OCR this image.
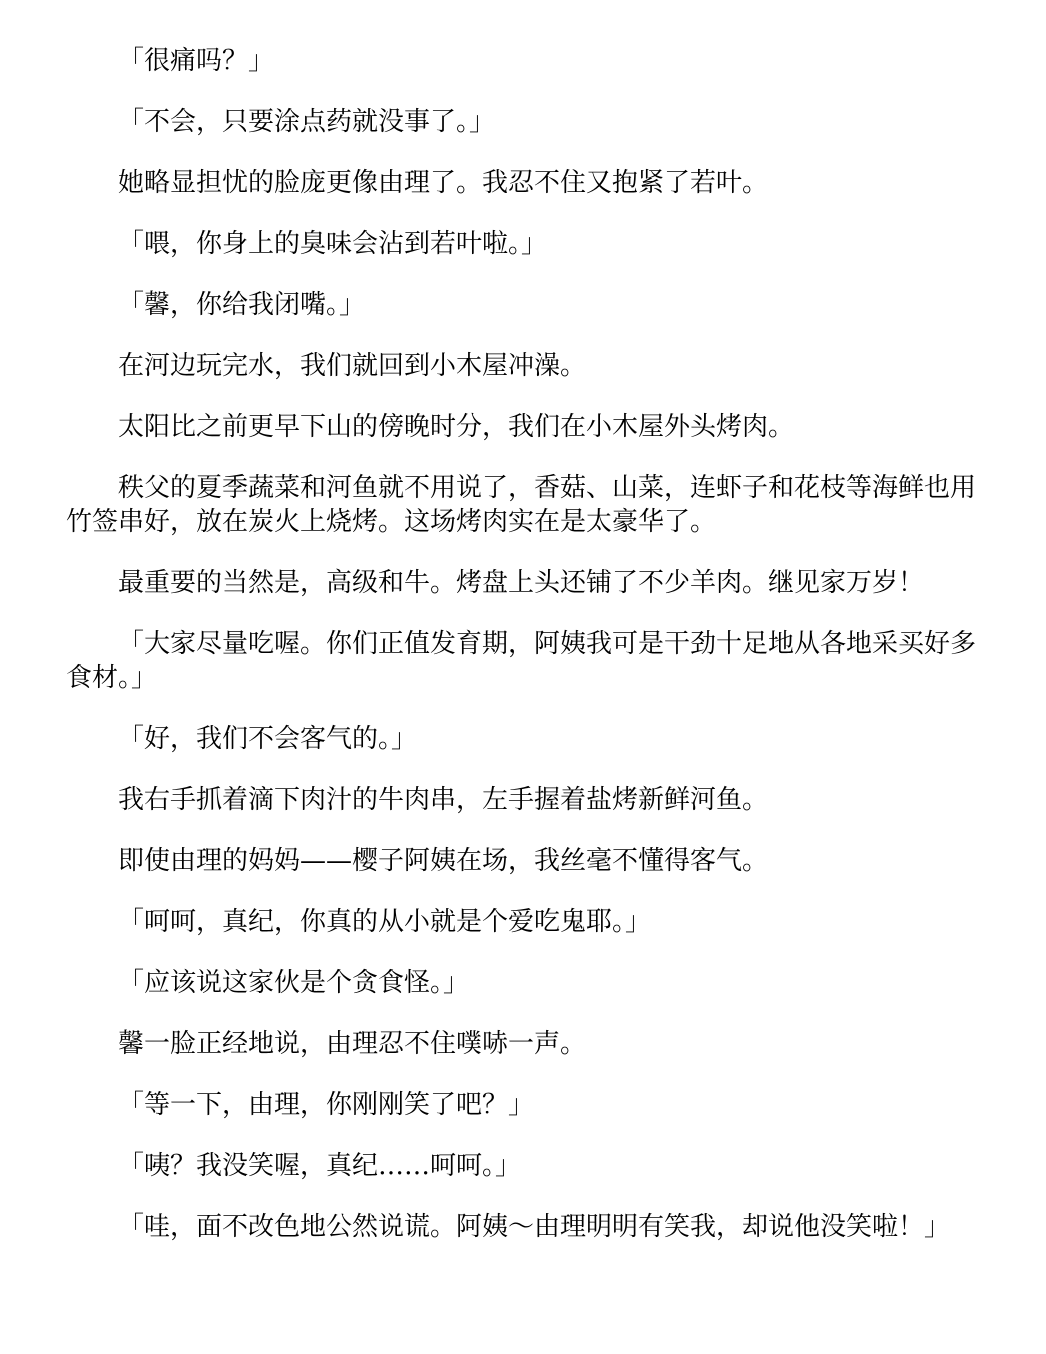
「很痛吗？」

「不会，只要涂点药就没事了。」

她略显担忧的脸庞更像由理了。我忍不住又抱紧了若叶。

「喂，你身上的臭味会沾到若叶啦。」

「馨，你给我闭嘴。」

在河边玩完水，我们就回到小木屋冲澡。

太阳比之前更早下山的傍晚时分，我们在小木屋外头烤肉。

秩父的夏季蔬菜和河鱼就不用说了，香菇、山菜，连虾子和花枝等海鲜也用竹签串好，放在炭火上烧烤。这场烤肉实在是太豪华了。

最重要的当然是，高级和牛。烤盘上头还铺了不少羊肉。继见家万岁！

「大家尽量吃喔。你们正值发育期，阿姨我可是干劲十足地从各地采买好多食材。」

「好，我们不会客气的。」

我右手抓着滴下肉汁的牛肉串，左手握着盐烤新鲜河鱼。

即使由理的妈妈——樱子阿姨在场，我丝毫不懂得客气。

「呵呵，真纪，你真的从小就是个爱吃鬼耶。」

「应该说这家伙是个贪食怪。」

馨一脸正经地说，由理忍不住噗哧一声。

「等一下，由理，你刚刚笑了吧？」

「咦？我没笑喔，真纪……呵呵。」

「哇，面不改色地公然说谎。阿姨～由理明明有笑我，却说他没笑啦！」
